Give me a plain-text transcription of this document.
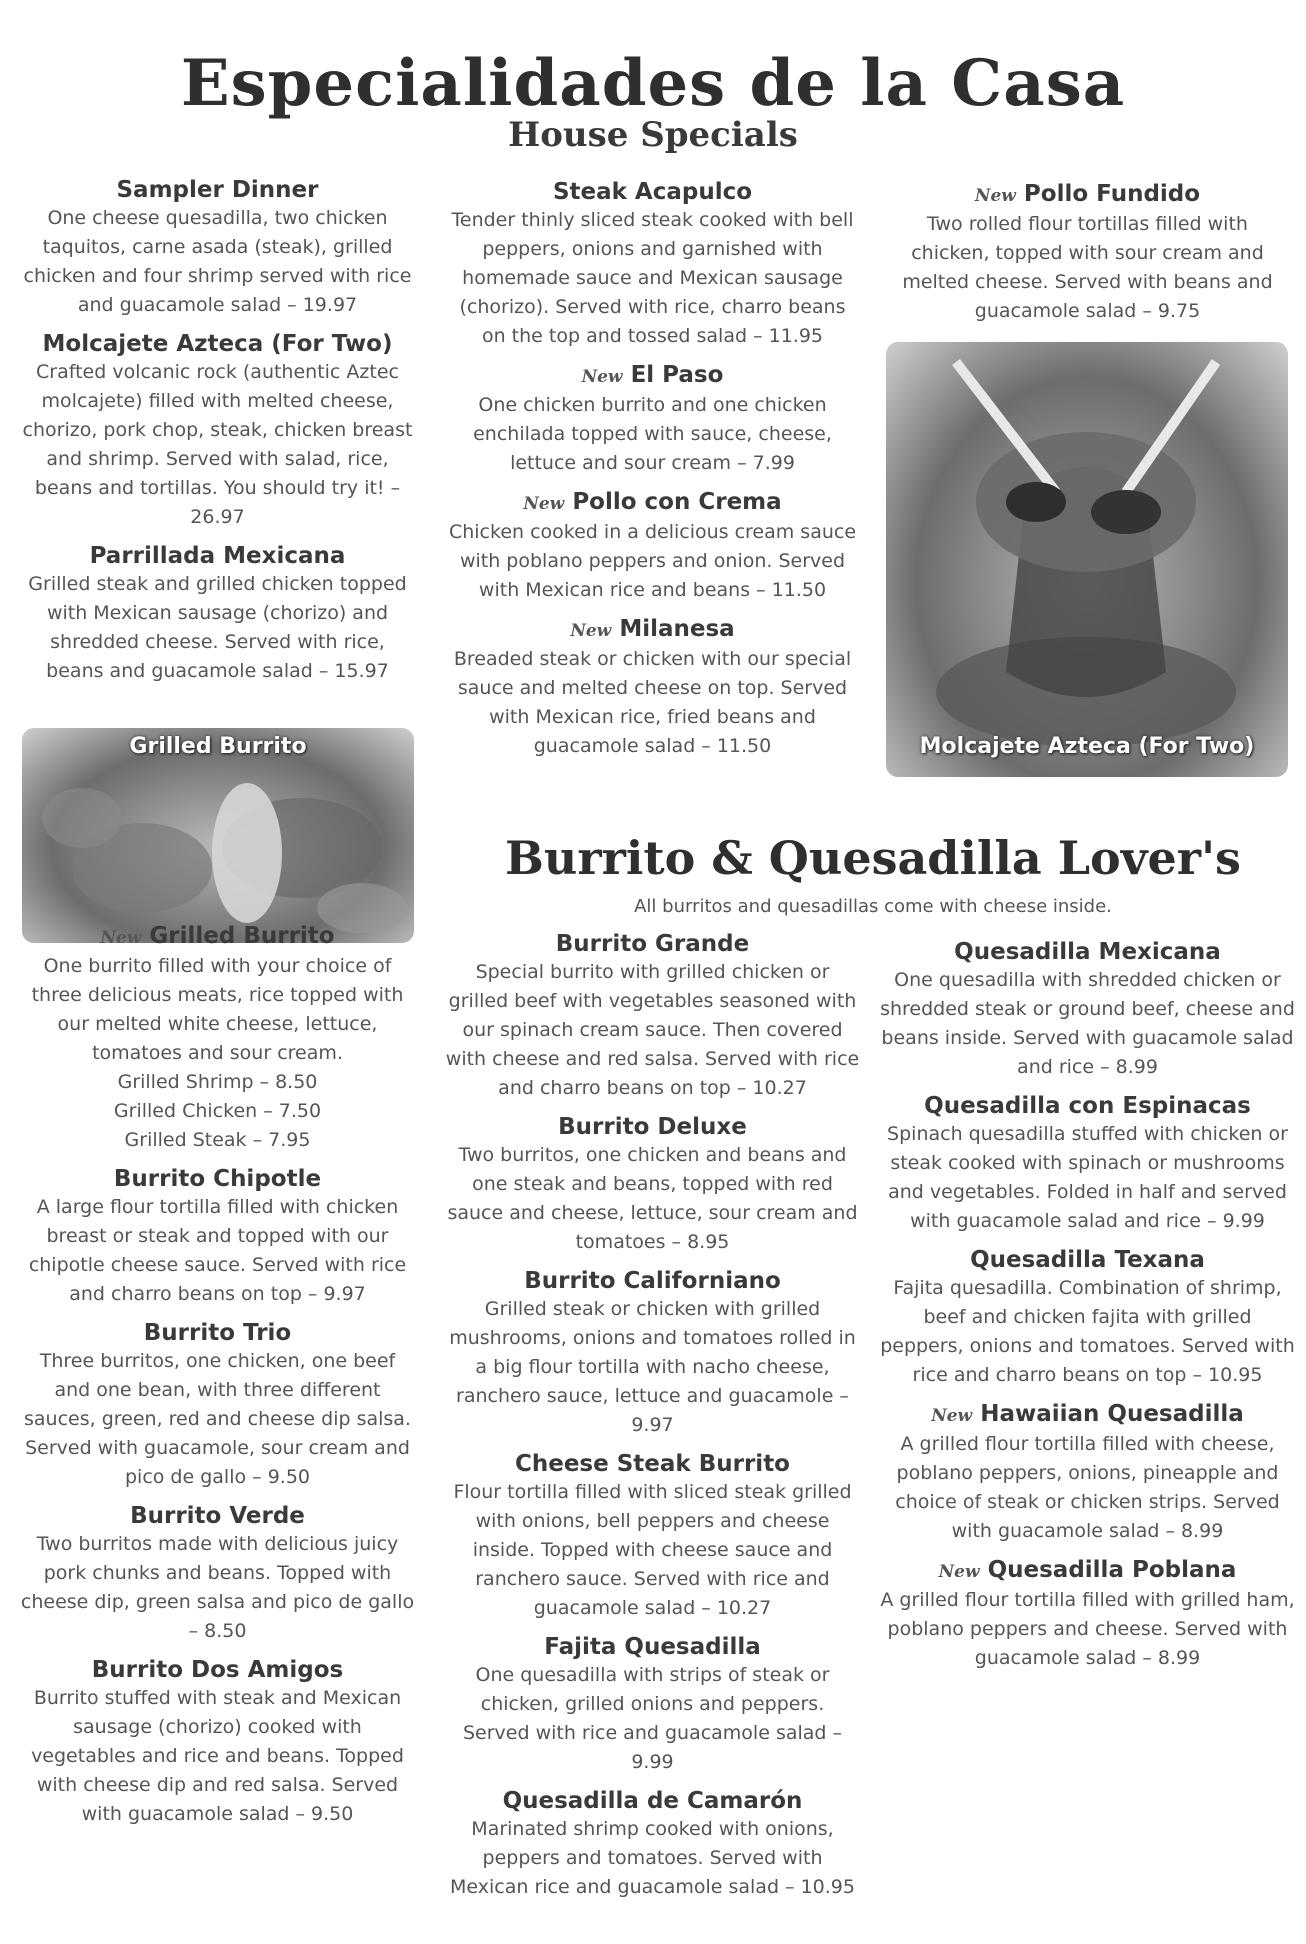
Especialidades de la Casa
House Specials
Sampler Dinner
One cheese quesadilla, two chicken taquitos, carne asada (steak), grilled chicken and four shrimp served with rice and guacamole salad – 19.97
Molcajete Azteca (For Two)
Crafted volcanic rock (authentic Aztec molcajete) filled with melted cheese, chorizo, pork chop, steak, chicken breast and shrimp. Served with salad, rice, beans and tortillas. You should try it! – 26.97
Parrillada Mexicana
Grilled steak and grilled chicken topped with Mexican sausage (chorizo) and shredded cheese. Served with rice, beans and guacamole salad – 15.97
Grilled Burrito
New Grilled Burrito
One burrito filled with your choice of three delicious meats, rice topped with our melted white cheese, lettuce, tomatoes and sour cream.
Grilled Shrimp – 8.50
Grilled Chicken – 7.50
Grilled Steak – 7.95
Burrito Chipotle
A large flour tortilla filled with chicken breast or steak and topped with our chipotle cheese sauce. Served with rice and charro beans on top – 9.97
Burrito Trio
Three burritos, one chicken, one beef and one bean, with three different sauces, green, red and cheese dip salsa. Served with guacamole, sour cream and pico de gallo – 9.50
Burrito Verde
Two burritos made with delicious juicy pork chunks and beans. Topped with cheese dip, green salsa and pico de gallo – 8.50
Burrito Dos Amigos
Burrito stuffed with steak and Mexican sausage (chorizo) cooked with vegetables and rice and beans. Topped with cheese dip and red salsa. Served with guacamole salad – 9.50
Steak Acapulco
Tender thinly sliced steak cooked with bell peppers, onions and garnished with homemade sauce and Mexican sausage (chorizo). Served with rice, charro beans on the top and tossed salad – 11.95
New El Paso
One chicken burrito and one chicken enchilada topped with sauce, cheese, lettuce and sour cream – 7.99
New Pollo con Crema
Chicken cooked in a delicious cream sauce with poblano peppers and onion. Served with Mexican rice and beans – 11.50
New Milanesa
Breaded steak or chicken with our special sauce and melted cheese on top. Served with Mexican rice, fried beans and guacamole salad – 11.50
New Pollo Fundido
Two rolled flour tortillas filled with chicken, topped with sour cream and melted cheese. Served with beans and guacamole salad – 9.75
Molcajete Azteca (For Two)
Burrito & Quesadilla Lover's
All burritos and quesadillas come with cheese inside.
Burrito Grande
Special burrito with grilled chicken or grilled beef with vegetables seasoned with our spinach cream sauce. Then covered with cheese and red salsa. Served with rice and charro beans on top – 10.27
Burrito Deluxe
Two burritos, one chicken and beans and one steak and beans, topped with red sauce and cheese, lettuce, sour cream and tomatoes – 8.95
Burrito Californiano
Grilled steak or chicken with grilled mushrooms, onions and tomatoes rolled in a big flour tortilla with nacho cheese, ranchero sauce, lettuce and guacamole – 9.97
Cheese Steak Burrito
Flour tortilla filled with sliced steak grilled with onions, bell peppers and cheese inside. Topped with cheese sauce and ranchero sauce. Served with rice and guacamole salad – 10.27
Fajita Quesadilla
One quesadilla with strips of steak or chicken, grilled onions and peppers. Served with rice and guacamole salad – 9.99
Quesadilla de Camarón
Marinated shrimp cooked with onions, peppers and tomatoes. Served with Mexican rice and guacamole salad – 10.95
Quesadilla Mexicana
One quesadilla with shredded chicken or shredded steak or ground beef, cheese and beans inside. Served with guacamole salad and rice – 8.99
Quesadilla con Espinacas
Spinach quesadilla stuffed with chicken or steak cooked with spinach or mushrooms and vegetables. Folded in half and served with guacamole salad and rice – 9.99
Quesadilla Texana
Fajita quesadilla. Combination of shrimp, beef and chicken fajita with grilled peppers, onions and tomatoes. Served with rice and charro beans on top – 10.95
New Hawaiian Quesadilla
A grilled flour tortilla filled with cheese, poblano peppers, onions, pineapple and choice of steak or chicken strips. Served with guacamole salad – 8.99
New Quesadilla Poblana
A grilled flour tortilla filled with grilled ham, poblano peppers and cheese. Served with guacamole salad – 8.99
